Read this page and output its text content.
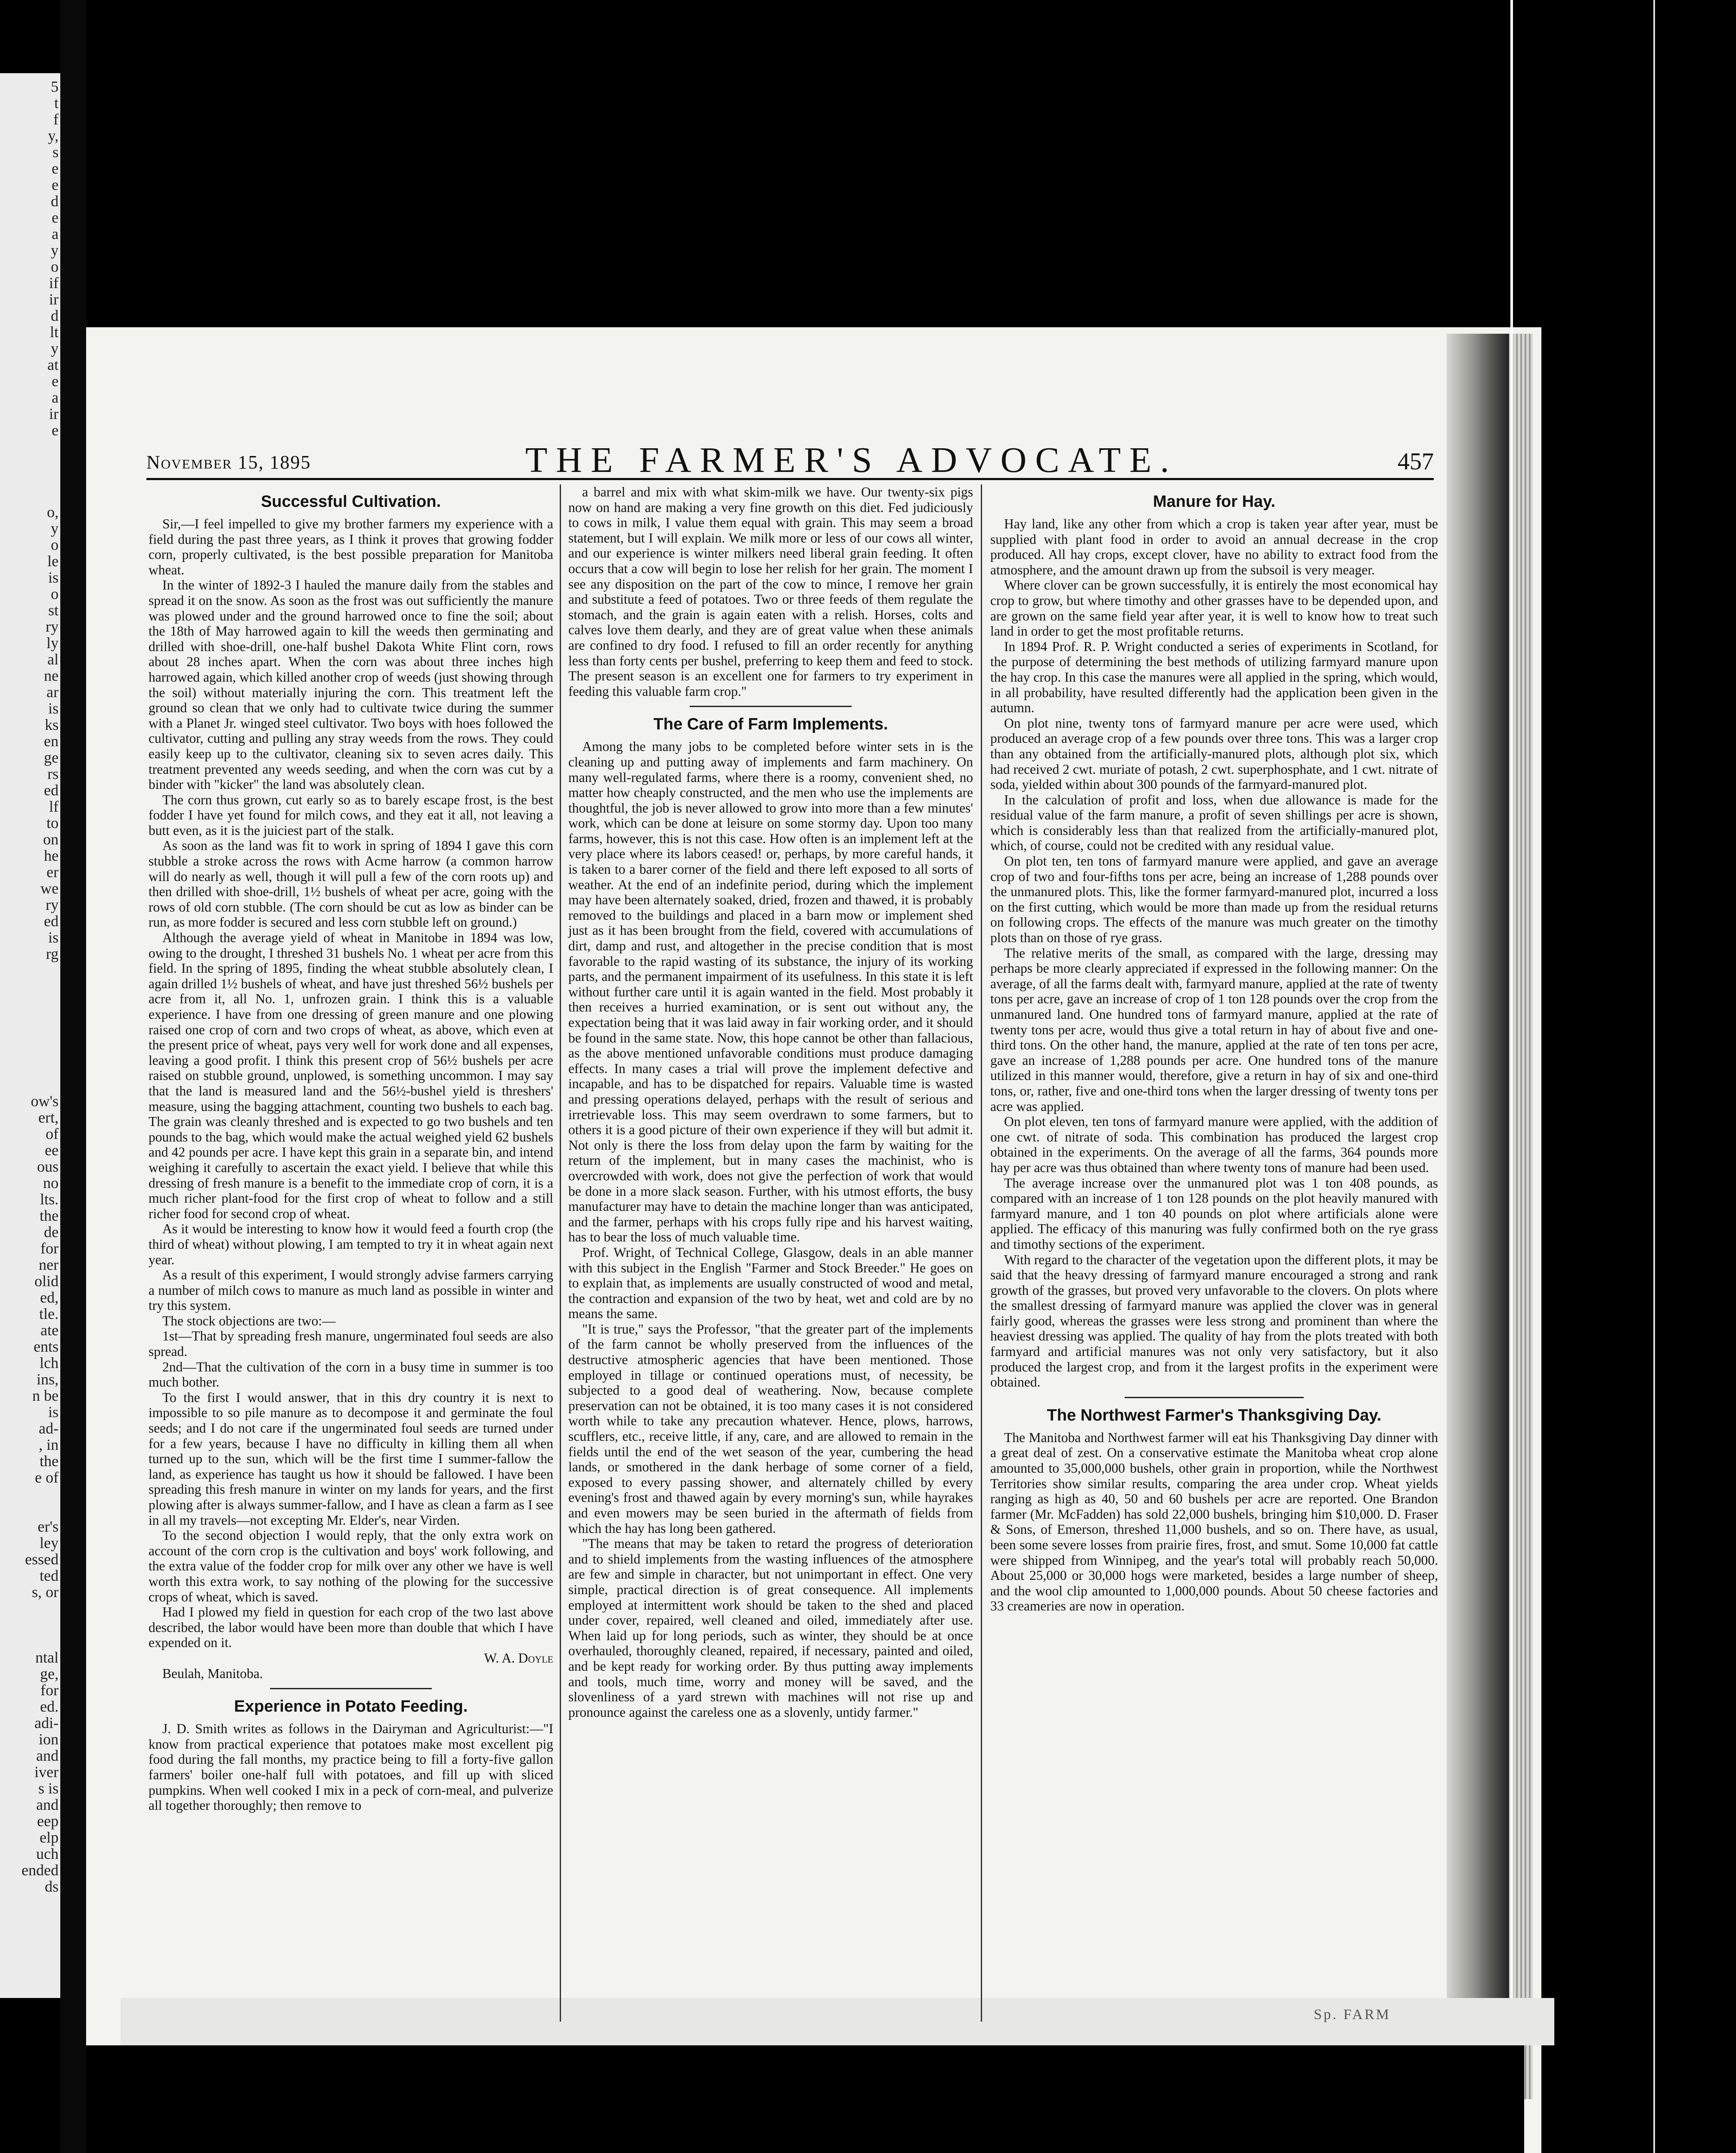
5
t
f
y,
s
e
e
d
e
a
y
o
if
ir
d
lt
y
at
e
a
ir
e
o,
y
o
le
is
o
st
ry
ly
al
ne
ar
is
ks
en
ge
rs
ed
lf
to
on
he
er
we
ry
ed
is
rg
ow's
ert,
of
ee
ous
no
lts.
the
de
for
ner
olid
ed,
tle.
ate
ents
lch
ins,
n be
is
ad-
, in
the
e of
er's
ley
essed
ted
s, or
ntal
ge,
for
ed.
adi-
ion
and
iver
s is
and
eep
elp
uch
ended
ds
Sp. FARM
November 15, 1895	THE FARMER'S ADVOCATE.	457
Successful Cultivation.

Sir,—I feel impelled to give my brother farmers my experience with a field during the past three years, as I think it proves that growing fodder corn, properly cultivated, is the best possible preparation for Manitoba wheat.

In the winter of 1892-3 I hauled the manure daily from the stables and spread it on the snow. As soon as the frost was out sufficiently the manure was plowed under and the ground harrowed once to fine the soil; about the 18th of May harrowed again to kill the weeds then germinating and drilled with shoe-drill, one-half bushel Dakota White Flint corn, rows about 28 inches apart. When the corn was about three inches high harrowed again, which killed another crop of weeds (just showing through the soil) without materially injuring the corn. This treatment left the ground so clean that we only had to cultivate twice during the summer with a Planet Jr. winged steel cultivator. Two boys with hoes followed the cultivator, cutting and pulling any stray weeds from the rows. They could easily keep up to the cultivator, cleaning six to seven acres daily. This treatment prevented any weeds seeding, and when the corn was cut by a binder with "kicker" the land was absolutely clean.

The corn thus grown, cut early so as to barely escape frost, is the best fodder I have yet found for milch cows, and they eat it all, not leaving a butt even, as it is the juiciest part of the stalk.

As soon as the land was fit to work in spring of 1894 I gave this corn stubble a stroke across the rows with Acme harrow (a common harrow will do nearly as well, though it will pull a few of the corn roots up) and then drilled with shoe-drill, 1½ bushels of wheat per acre, going with the rows of old corn stubble. (The corn should be cut as low as binder can be run, as more fodder is secured and less corn stubble left on ground.)

Although the average yield of wheat in Manitobe in 1894 was low, owing to the drought, I threshed 31 bushels No. 1 wheat per acre from this field. In the spring of 1895, finding the wheat stubble absolutely clean, I again drilled 1½ bushels of wheat, and have just threshed 56½ bushels per acre from it, all No. 1, unfrozen grain. I think this is a valuable experience. I have from one dressing of green manure and one plowing raised one crop of corn and two crops of wheat, as above, which even at the present price of wheat, pays very well for work done and all expenses, leaving a good profit. I think this present crop of 56½ bushels per acre raised on stubble ground, unplowed, is something uncommon. I may say that the land is measured land and the 56½-bushel yield is threshers' measure, using the bagging attachment, counting two bushels to each bag. The grain was cleanly threshed and is expected to go two bushels and ten pounds to the bag, which would make the actual weighed yield 62 bushels and 42 pounds per acre. I have kept this grain in a separate bin, and intend weighing it carefully to ascertain the exact yield. I believe that while this dressing of fresh manure is a benefit to the immediate crop of corn, it is a much richer plant-food for the first crop of wheat to follow and a still richer food for second crop of wheat.

As it would be interesting to know how it would feed a fourth crop (the third of wheat) without plowing, I am tempted to try it in wheat again next year.

As a result of this experiment, I would strongly advise farmers carrying a number of milch cows to manure as much land as possible in winter and try this system.

The stock objections are two:—

1st—That by spreading fresh manure, ungerminated foul seeds are also spread.

2nd—That the cultivation of the corn in a busy time in summer is too much bother.

To the first I would answer, that in this dry country it is next to impossible to so pile manure as to decompose it and germinate the foul seeds; and I do not care if the ungerminated foul seeds are turned under for a few years, because I have no difficulty in killing them all when turned up to the sun, which will be the first time I summer-fallow the land, as experience has taught us how it should be fallowed. I have been spreading this fresh manure in winter on my lands for years, and the first plowing after is always summer-fallow, and I have as clean a farm as I see in all my travels—not excepting Mr. Elder's, near Virden.

To the second objection I would reply, that the only extra work on account of the corn crop is the cultivation and boys' work following, and the extra value of the fodder crop for milk over any other we have is well worth this extra work, to say nothing of the plowing for the successive crops of wheat, which is saved.

Had I plowed my field in question for each crop of the two last above described, the labor would have been more than double that which I have expended on it.

W. A. Doyle

Beulah, Manitoba.

Experience in Potato Feeding.

J. D. Smith writes as follows in the Dairyman and Agriculturist:—"I know from practical experience that potatoes make most excellent pig food during the fall months, my practice being to fill a forty-five gallon farmers' boiler one-half full with potatoes, and fill up with sliced pumpkins. When well cooked I mix in a peck of corn-meal, and pulverize all together thoroughly; then remove to

a barrel and mix with what skim-milk we have. Our twenty-six pigs now on hand are making a very fine growth on this diet. Fed judiciously to cows in milk, I value them equal with grain. This may seem a broad statement, but I will explain. We milk more or less of our cows all winter, and our experience is winter milkers need liberal grain feeding. It often occurs that a cow will begin to lose her relish for her grain. The moment I see any disposition on the part of the cow to mince, I remove her grain and substitute a feed of potatoes. Two or three feeds of them regulate the stomach, and the grain is again eaten with a relish. Horses, colts and calves love them dearly, and they are of great value when these animals are confined to dry food. I refused to fill an order recently for anything less than forty cents per bushel, preferring to keep them and feed to stock. The present season is an excellent one for farmers to try experiment in feeding this valuable farm crop."

The Care of Farm Implements.

Among the many jobs to be completed before winter sets in is the cleaning up and putting away of implements and farm machinery. On many well-regulated farms, where there is a roomy, convenient shed, no matter how cheaply constructed, and the men who use the implements are thoughtful, the job is never allowed to grow into more than a few minutes' work, which can be done at leisure on some stormy day. Upon too many farms, however, this is not this case. How often is an implement left at the very place where its labors ceased! or, perhaps, by more careful hands, it is taken to a barer corner of the field and there left exposed to all sorts of weather. At the end of an indefinite period, during which the implement may have been alternately soaked, dried, frozen and thawed, it is probably removed to the buildings and placed in a barn mow or implement shed just as it has been brought from the field, covered with accumulations of dirt, damp and rust, and altogether in the precise condition that is most favorable to the rapid wasting of its substance, the injury of its working parts, and the permanent impairment of its usefulness. In this state it is left without further care until it is again wanted in the field. Most probably it then receives a hurried examination, or is sent out without any, the expectation being that it was laid away in fair working order, and it should be found in the same state. Now, this hope cannot be other than fallacious, as the above mentioned unfavorable conditions must produce damaging effects. In many cases a trial will prove the implement defective and incapable, and has to be dispatched for repairs. Valuable time is wasted and pressing operations delayed, perhaps with the result of serious and irretrievable loss. This may seem overdrawn to some farmers, but to others it is a good picture of their own experience if they will but admit it. Not only is there the loss from delay upon the farm by waiting for the return of the implement, but in many cases the machinist, who is overcrowded with work, does not give the perfection of work that would be done in a more slack season. Further, with his utmost efforts, the busy manufacturer may have to detain the machine longer than was anticipated, and the farmer, perhaps with his crops fully ripe and his harvest waiting, has to bear the loss of much valuable time.

Prof. Wright, of Technical College, Glasgow, deals in an able manner with this subject in the English "Farmer and Stock Breeder." He goes on to explain that, as implements are usually constructed of wood and metal, the contraction and expansion of the two by heat, wet and cold are by no means the same.

"It is true," says the Professor, "that the greater part of the implements of the farm cannot be wholly preserved from the influences of the destructive atmospheric agencies that have been mentioned. Those employed in tillage or continued operations must, of necessity, be subjected to a good deal of weathering. Now, because complete preservation can not be obtained, it is too many cases it is not considered worth while to take any precaution whatever. Hence, plows, harrows, scufflers, etc., receive little, if any, care, and are allowed to remain in the fields until the end of the wet season of the year, cumbering the head lands, or smothered in the dank herbage of some corner of a field, exposed to every passing shower, and alternately chilled by every evening's frost and thawed again by every morning's sun, while hayrakes and even mowers may be seen buried in the aftermath of fields from which the hay has long been gathered.

"The means that may be taken to retard the progress of deterioration and to shield implements from the wasting influences of the atmosphere are few and simple in character, but not unimportant in effect. One very simple, practical direction is of great consequence. All implements employed at intermittent work should be taken to the shed and placed under cover, repaired, well cleaned and oiled, immediately after use. When laid up for long periods, such as winter, they should be at once overhauled, thoroughly cleaned, repaired, if necessary, painted and oiled, and be kept ready for working order. By thus putting away implements and tools, much time, worry and money will be saved, and the slovenliness of a yard strewn with machines will not rise up and pronounce against the careless one as a slovenly, untidy farmer."

Manure for Hay.

Hay land, like any other from which a crop is taken year after year, must be supplied with plant food in order to avoid an annual decrease in the crop produced. All hay crops, except clover, have no ability to extract food from the atmosphere, and the amount drawn up from the subsoil is very meager.

Where clover can be grown successfully, it is entirely the most economical hay crop to grow, but where timothy and other grasses have to be depended upon, and are grown on the same field year after year, it is well to know how to treat such land in order to get the most profitable returns.

In 1894 Prof. R. P. Wright conducted a series of experiments in Scotland, for the purpose of determining the best methods of utilizing farmyard manure upon the hay crop. In this case the manures were all applied in the spring, which would, in all probability, have resulted differently had the application been given in the autumn.

On plot nine, twenty tons of farmyard manure per acre were used, which produced an average crop of a few pounds over three tons. This was a larger crop than any obtained from the artificially-manured plots, although plot six, which had received 2 cwt. muriate of potash, 2 cwt. superphosphate, and 1 cwt. nitrate of soda, yielded within about 300 pounds of the farmyard-manured plot.

In the calculation of profit and loss, when due allowance is made for the residual value of the farm manure, a profit of seven shillings per acre is shown, which is considerably less than that realized from the artificially-manured plot, which, of course, could not be credited with any residual value.

On plot ten, ten tons of farmyard manure were applied, and gave an average crop of two and four-fifths tons per acre, being an increase of 1,288 pounds over the unmanured plots. This, like the former farmyard-manured plot, incurred a loss on the first cutting, which would be more than made up from the residual returns on following crops. The effects of the manure was much greater on the timothy plots than on those of rye grass.

The relative merits of the small, as compared with the large, dressing may perhaps be more clearly appreciated if expressed in the following manner: On the average, of all the farms dealt with, farmyard manure, applied at the rate of twenty tons per acre, gave an increase of crop of 1 ton 128 pounds over the crop from the unmanured land. One hundred tons of farmyard manure, applied at the rate of twenty tons per acre, would thus give a total return in hay of about five and one-third tons. On the other hand, the manure, applied at the rate of ten tons per acre, gave an increase of 1,288 pounds per acre. One hundred tons of the manure utilized in this manner would, therefore, give a return in hay of six and one-third tons, or, rather, five and one-third tons when the larger dressing of twenty tons per acre was applied.

On plot eleven, ten tons of farmyard manure were applied, with the addition of one cwt. of nitrate of soda. This combination has produced the largest crop obtained in the experiments. On the average of all the farms, 364 pounds more hay per acre was thus obtained than where twenty tons of manure had been used.

The average increase over the unmanured plot was 1 ton 408 pounds, as compared with an increase of 1 ton 128 pounds on the plot heavily manured with farmyard manure, and 1 ton 40 pounds on plot where artificials alone were applied. The efficacy of this manuring was fully confirmed both on the rye grass and timothy sections of the experiment.

With regard to the character of the vegetation upon the different plots, it may be said that the heavy dressing of farmyard manure encouraged a strong and rank growth of the grasses, but proved very unfavorable to the clovers. On plots where the smallest dressing of farmyard manure was applied the clover was in general fairly good, whereas the grasses were less strong and prominent than where the heaviest dressing was applied. The quality of hay from the plots treated with both farmyard and artificial manures was not only very satisfactory, but it also produced the largest crop, and from it the largest profits in the experiment were obtained.

The Northwest Farmer's Thanksgiving Day.

The Manitoba and Northwest farmer will eat his Thanksgiving Day dinner with a great deal of zest. On a conservative estimate the Manitoba wheat crop alone amounted to 35,000,000 bushels, other grain in proportion, while the Northwest Territories show similar results, comparing the area under crop. Wheat yields ranging as high as 40, 50 and 60 bushels per acre are reported. One Brandon farmer (Mr. McFadden) has sold 22,000 bushels, bringing him $10,000. D. Fraser & Sons, of Emerson, threshed 11,000 bushels, and so on. There have, as usual, been some severe losses from prairie fires, frost, and smut. Some 10,000 fat cattle were shipped from Winnipeg, and the year's total will probably reach 50,000. About 25,000 or 30,000 hogs were marketed, besides a large number of sheep, and the wool clip amounted to 1,000,000 pounds. About 50 cheese factories and 33 creameries are now in operation.
